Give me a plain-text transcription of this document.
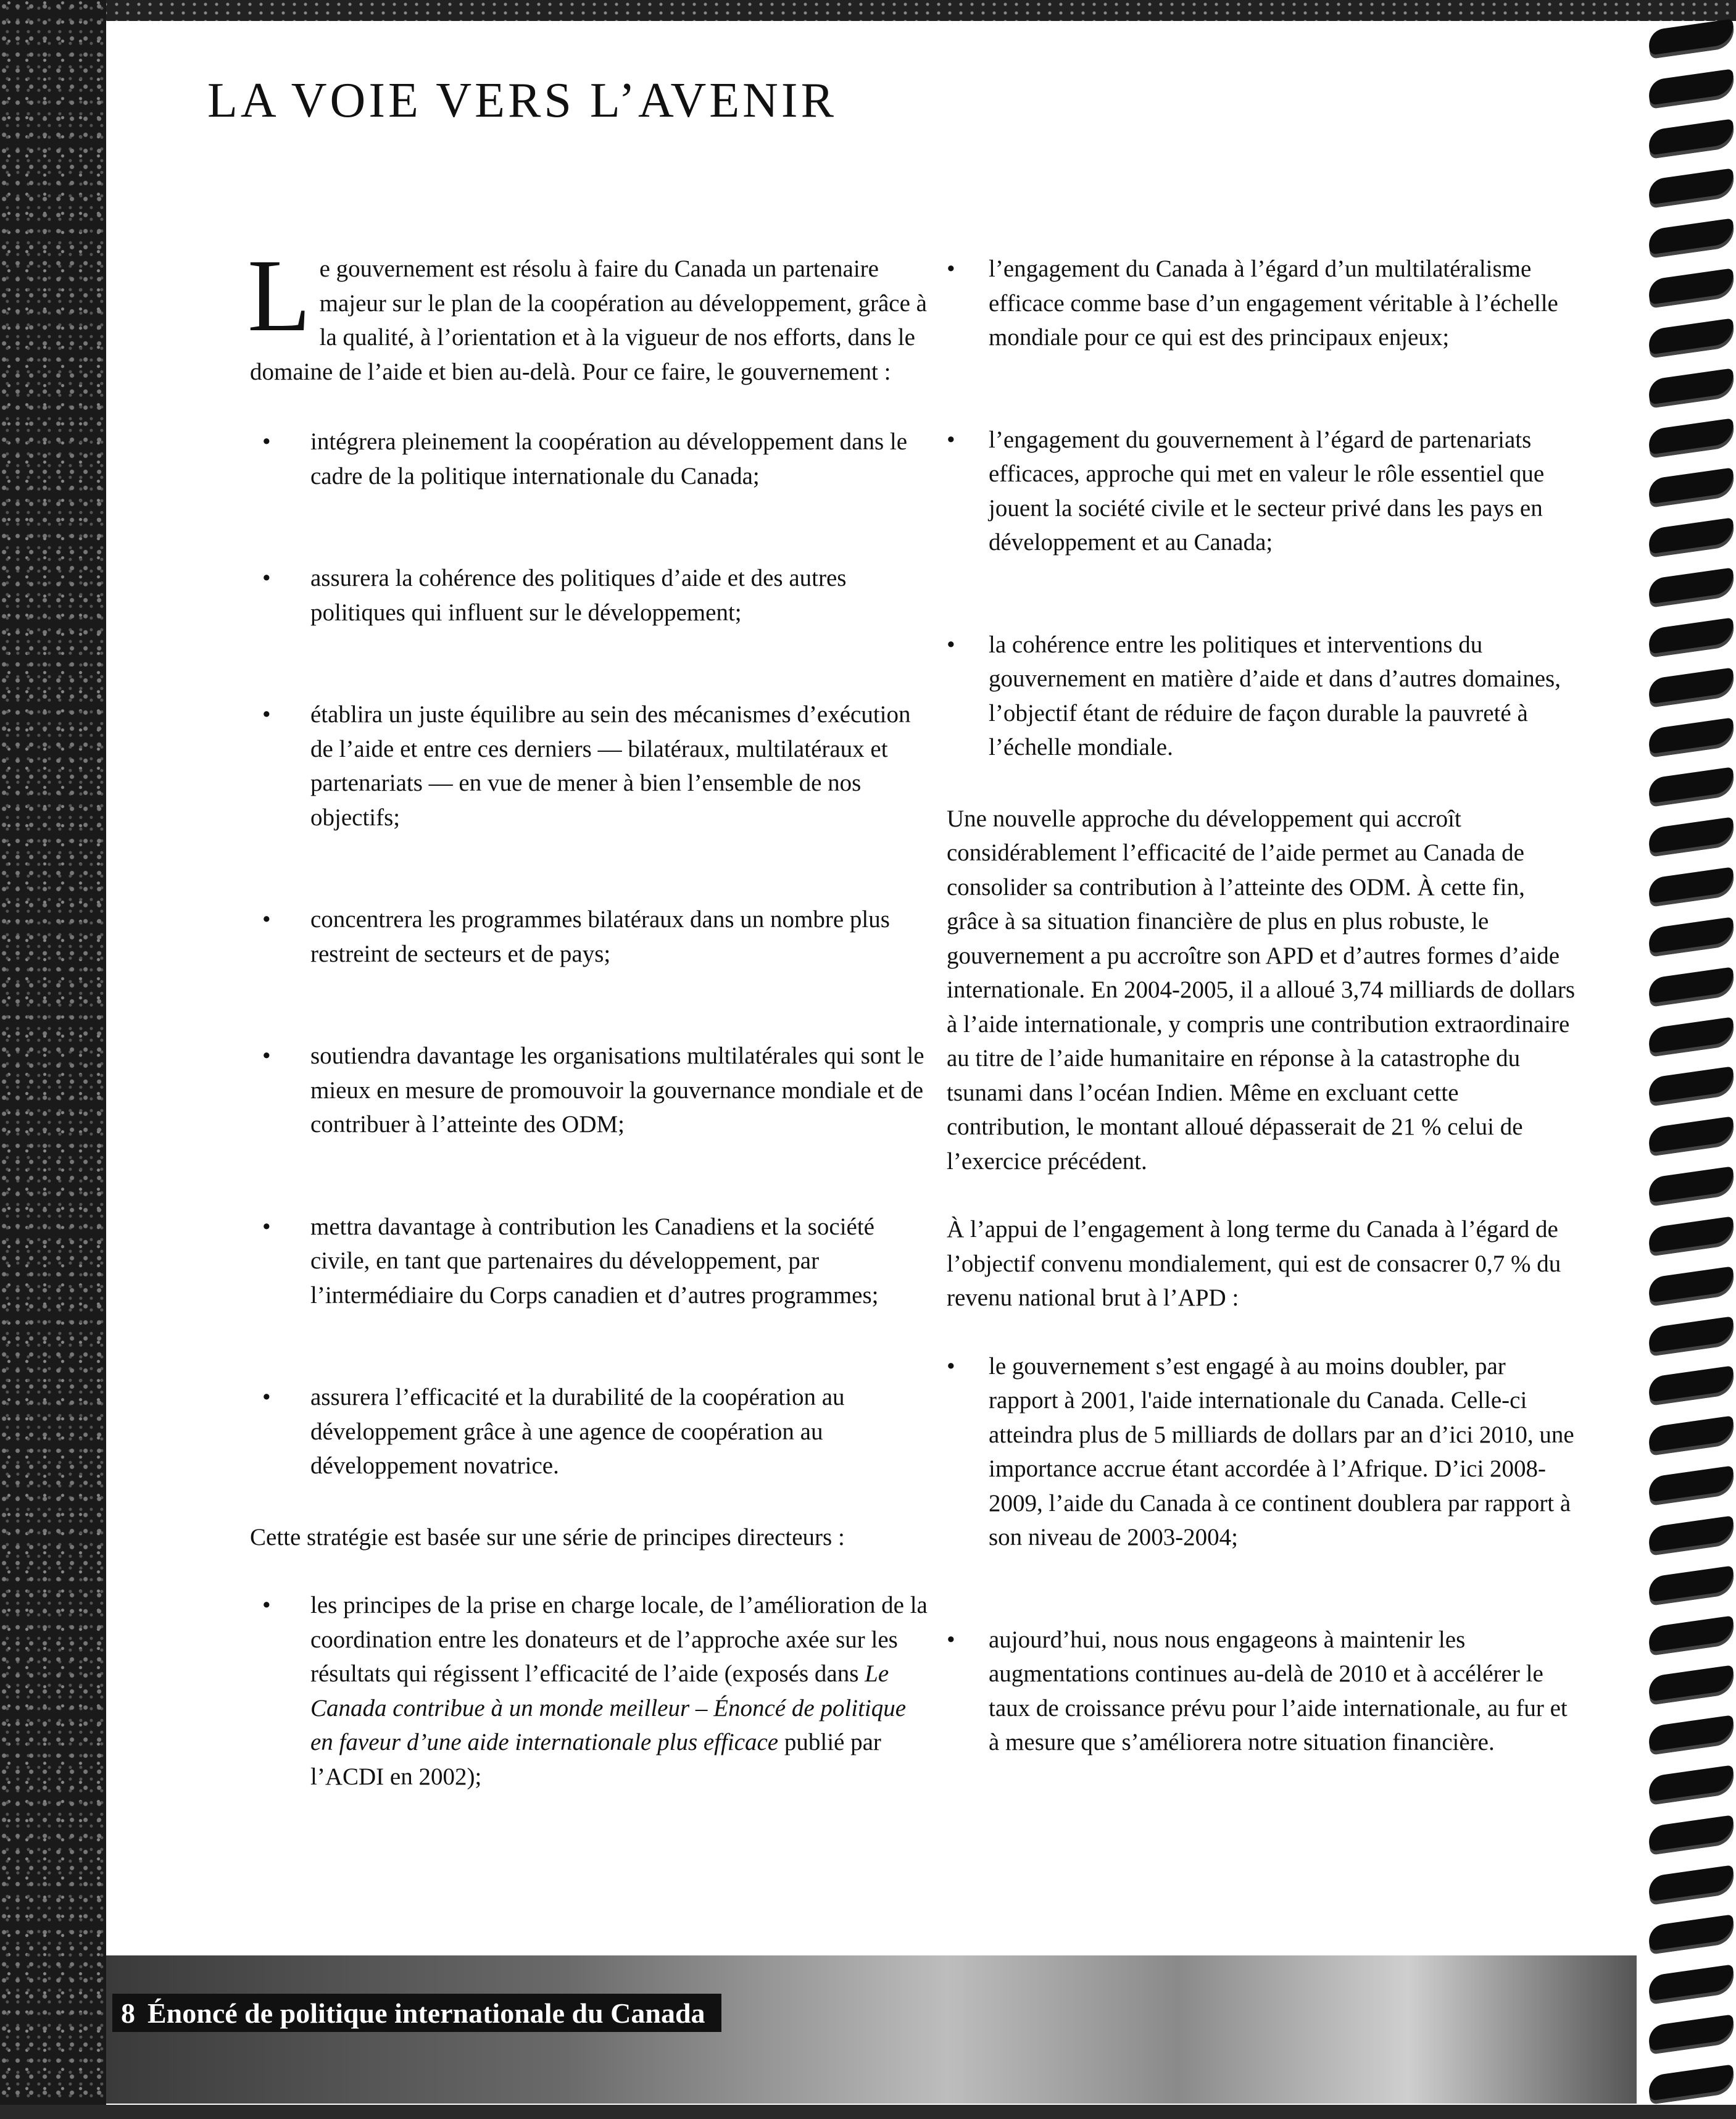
LA VOIE VERS L’AVENIR

Le gouvernement est résolu à faire du Canada un partenaire majeur sur le plan de la coopération au développement, grâce à la qualité, à l’orientation et à la vigueur de nos efforts, dans le domaine de l’aide et bien au-delà. Pour ce faire, le gouvernement :

• intégrera pleinement la coopération au développement dans le cadre de la politique internationale du Canada;
• assurera la cohérence des politiques d’aide et des autres politiques qui influent sur le développement;
• établira un juste équilibre au sein des mécanismes d’exécution de l’aide et entre ces derniers — bilatéraux, multilatéraux et partenariats — en vue de mener à bien l’ensemble de nos objectifs;
• concentrera les programmes bilatéraux dans un nombre plus restreint de secteurs et de pays;
• soutiendra davantage les organisations multilatérales qui sont le mieux en mesure de promouvoir la gouvernance mondiale et de contribuer à l’atteinte des ODM;
• mettra davantage à contribution les Canadiens et la société civile, en tant que partenaires du développement, par l’intermédiaire du Corps canadien et d’autres programmes;
• assurera l’efficacité et la durabilité de la coopération au développement grâce à une agence de coopération au développement novatrice.

Cette stratégie est basée sur une série de principes directeurs :

• les principes de la prise en charge locale, de l’amélioration de la coordination entre les donateurs et de l’approche axée sur les résultats qui régissent l’efficacité de l’aide (exposés dans Le Canada contribue à un monde meilleur – Énoncé de politique en faveur d’une aide internationale plus efficace publié par l’ACDI en 2002);
• l’engagement du Canada à l’égard d’un multilatéralisme efficace comme base d’un engagement véritable à l’échelle mondiale pour ce qui est des principaux enjeux;
• l’engagement du gouvernement à l’égard de partenariats efficaces, approche qui met en valeur le rôle essentiel que jouent la société civile et le secteur privé dans les pays en développement et au Canada;
• la cohérence entre les politiques et interventions du gouvernement en matière d’aide et dans d’autres domaines, l’objectif étant de réduire de façon durable la pauvreté à l’échelle mondiale.

Une nouvelle approche du développement qui accroît considérablement l’efficacité de l’aide permet au Canada de consolider sa contribution à l’atteinte des ODM. À cette fin, grâce à sa situation financière de plus en plus robuste, le gouvernement a pu accroître son APD et d’autres formes d’aide internationale. En 2004-2005, il a alloué 3,74 milliards de dollars à l’aide internationale, y compris une contribution extraordinaire au titre de l’aide humanitaire en réponse à la catastrophe du tsunami dans l’océan Indien. Même en excluant cette contribution, le montant alloué dépasserait de 21 % celui de l’exercice précédent.

À l’appui de l’engagement à long terme du Canada à l’égard de l’objectif convenu mondialement, qui est de consacrer 0,7 % du revenu national brut à l’APD :

• le gouvernement s’est engagé à au moins doubler, par rapport à 2001, l'aide internationale du Canada. Celle-ci atteindra plus de 5 milliards de dollars par an d’ici 2010, une importance accrue étant accordée à l’Afrique. D’ici 2008-2009, l’aide du Canada à ce continent doublera par rapport à son niveau de 2003-2004;
• aujourd’hui, nous nous engageons à maintenir les augmentations continues au-delà de 2010 et à accélérer le taux de croissance prévu pour l’aide internationale, au fur et à mesure que s’améliorera notre situation financière.
8 Énoncé de politique internationale du Canada
